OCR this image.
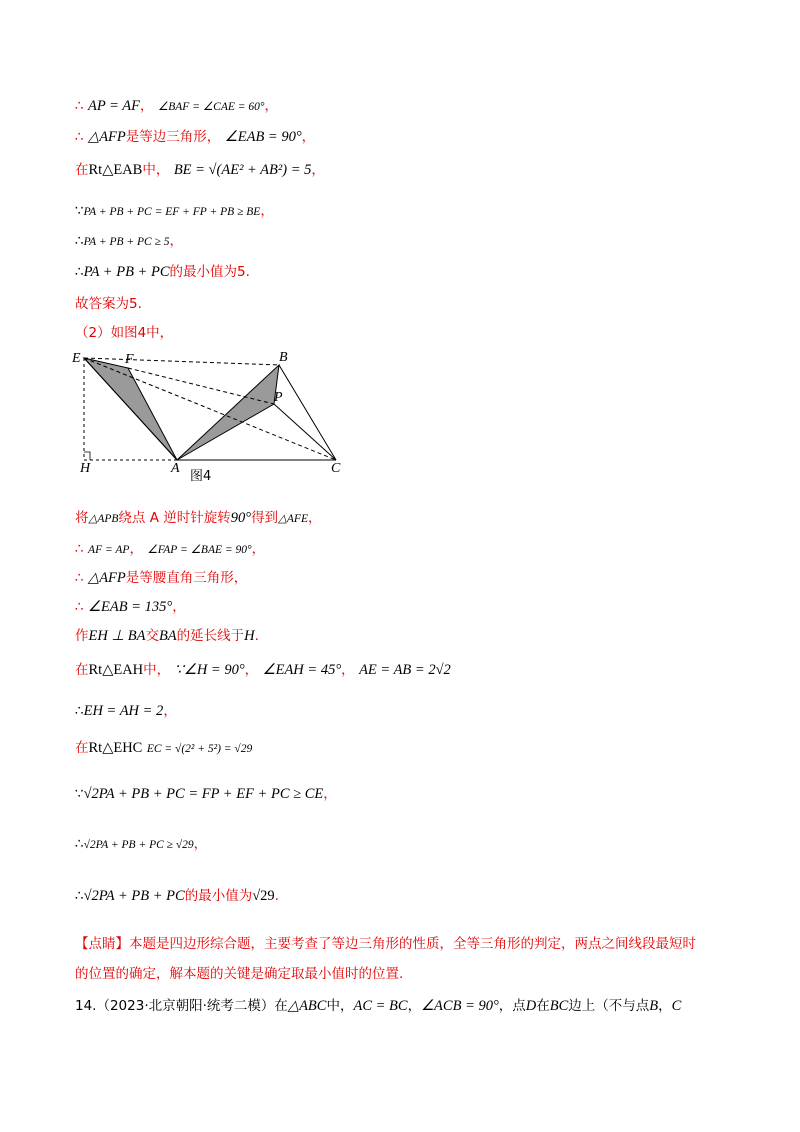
∴ AP = AF， ∠BAF = ∠CAE = 60°，
∴ △AFP是等边三角形， ∠EAB = 90°，
在Rt△EAB中， BE = √(AE² + AB²) = 5，
∵PA + PB + PC = EF + FP + PB ≥ BE，
∴PA + PB + PC ≥ 5，
∴PA + PB + PC的最小值为5.
故答案为5.
（2）如图4中，
E	F	B
P
H	A	C
图4
将△APB绕点 A 逆时针旋转90°得到△AFE，
∴ AF = AP， ∠FAP = ∠BAE = 90°，
∴ △AFP是等腰直角三角形，
∴ ∠EAB = 135°，
作EH ⊥ BA交BA的延长线于H.
在Rt△EAH中， ∵∠H = 90°， ∠EAH = 45°， AE = AB = 2√2
∴EH = AH = 2，
在Rt△EHC EC = √(2² + 5²) = √29
∵√2PA + PB + PC = FP + EF + PC ≥ CE，
∴√2PA + PB + PC ≥ √29，
∴√2PA + PB + PC的最小值为√29.
【点睛】本题是四边形综合题，主要考查了等边三角形的性质，全等三角形的判定，两点之间线段最短时
的位置的确定，解本题的关键是确定取最小值时的位置.
14.（2023·北京朝阳·统考二模）在△ABC中，AC = BC，∠ACB = 90°，点D在BC边上（不与点B，C
